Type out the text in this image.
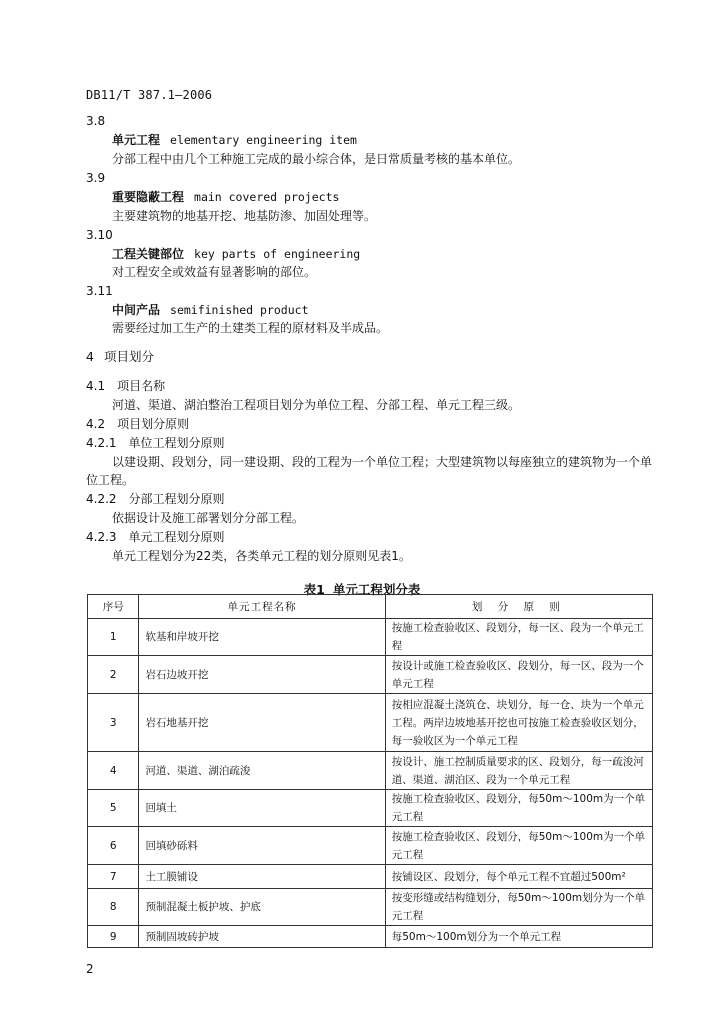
DB11/T 387.1—2006
3.8
单元工程 elementary engineering item
分部工程中由几个工种施工完成的最小综合体，是日常质量考核的基本单位。
3.9
重要隐蔽工程 main covered projects
主要建筑物的地基开挖、地基防渗、加固处理等。
3.10
工程关键部位 key parts of engineering
对工程安全或效益有显著影响的部位。
3.11
中间产品 semifinished product
需要经过加工生产的土建类工程的原材料及半成品。
4 项目划分
4.1 项目名称
河道、渠道、湖泊整治工程项目划分为单位工程、分部工程、单元工程三级。
4.2 项目划分原则
4.2.1 单位工程划分原则
以建设期、段划分，同一建设期、段的工程为一个单位工程；大型建筑物以每座独立的建筑物为一个单位工程。
4.2.2 分部工程划分原则
依据设计及施工部署划分分部工程。
4.2.3 单元工程划分原则
单元工程划分为22类，各类单元工程的划分原则见表1。
表1 单元工程划分表
序号	单元工程名称	划 分 原 则
1	软基和岸坡开挖	按施工检查验收区、段划分，每一区、段为一个单元工程
2	岩石边坡开挖	按设计或施工检查验收区、段划分，每一区、段为一个单元工程
3	岩石地基开挖	按相应混凝土浇筑仓、块划分，每一仓、块为一个单元工程。两岸边坡地基开挖也可按施工检查验收区划分，每一验收区为一个单元工程
4	河道、渠道、湖泊疏浚	按设计、施工控制质量要求的区、段划分，每一疏浚河道、渠道、湖泊区、段为一个单元工程
5	回填土	按施工检查验收区、段划分，每50m～100m为一个单元工程
6	回填砂砾料	按施工检查验收区、段划分，每50m～100m为一个单元工程
7	土工膜铺设	按铺设区、段划分，每个单元工程不宜超过500m²
8	预制混凝土板护坡、护底	按变形缝或结构缝划分，每50m～100m划分为一个单元工程
9	预制固坡砖护坡	每50m～100m划分为一个单元工程
2
